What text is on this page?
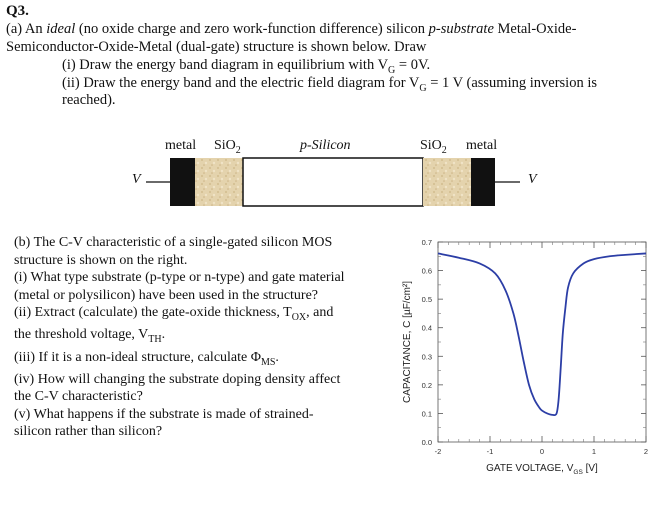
Q3.
(a) An ideal (no oxide charge and zero work-function difference) silicon p-substrate Metal-Oxide-
Semiconductor-Oxide-Metal (dual-gate) structure is shown below. Draw
(i) Draw the energy band diagram in equilibrium with $V_G = 0V$.
(ii) Draw the energy band and the electric field diagram for $V_G = 1$ V (assuming inversion is
reached).
metal SiO$_2$	p-Silicon	SiO$_2$ metal
V	V
(b) The C-V characteristic of a single-gated silicon MOS
structure is shown on the right.
(i) What type substrate (p-type or n-type) and gate material
(metal or polysilicon) have been used in the structure?
(ii) Extract (calculate) the gate-oxide thickness, $T_{OX}$, and
the threshold voltage, $V_{TH}$.
(iii) If it is a non-ideal structure, calculate $\Phi_{MS}$.
(iv) How will changing the substrate doping density affect
the C-V characteristic?
(v) What happens if the substrate is made of strained-
silicon rather than silicon?
0.0
0.1
0.2
0.3
0.4
0.5
0.6
0.7
-2	-1	0	1	2
GATE VOLTAGE, $V_{GS}$ [V]
CAPACITANCE, C [µF/cm²]
